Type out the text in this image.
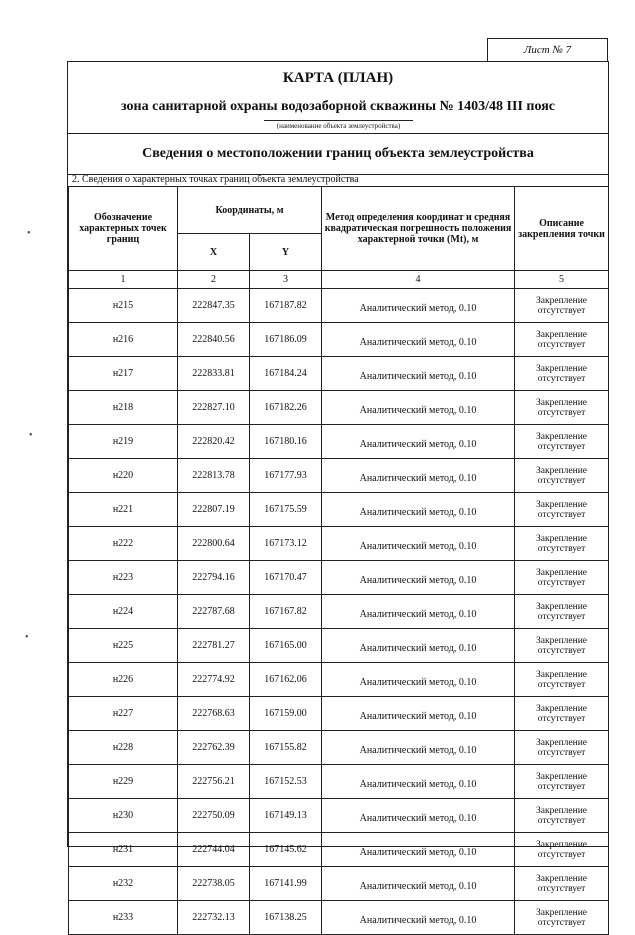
Лист № 7
•
•
•
КАРТА (ПЛАН)
зона санитарной охраны водозаборной скважины № 1403/48 III пояс
(наименование объекта землеустройства)
Сведения о местоположении границ объекта землеустройства
2. Сведения о характерных точках границ объекта землеустройства
Обозначение характерных точек границ	Координаты, м		Метод определения координат и средняя квадратическая погрешность положения характерной точки (Mt), м	Описание закрепления точки
	X	Y		
1	2	3	4	5
н215	222847.35	167187.82	Аналитический метод, 0.10	Закрепление отсутствует
н216	222840.56	167186.09	Аналитический метод, 0.10	Закрепление отсутствует
н217	222833.81	167184.24	Аналитический метод, 0.10	Закрепление отсутствует
н218	222827.10	167182.26	Аналитический метод, 0.10	Закрепление отсутствует
н219	222820.42	167180.16	Аналитический метод, 0.10	Закрепление отсутствует
н220	222813.78	167177.93	Аналитический метод, 0.10	Закрепление отсутствует
н221	222807.19	167175.59	Аналитический метод, 0.10	Закрепление отсутствует
н222	222800.64	167173.12	Аналитический метод, 0.10	Закрепление отсутствует
н223	222794.16	167170.47	Аналитический метод, 0.10	Закрепление отсутствует
н224	222787.68	167167.82	Аналитический метод, 0.10	Закрепление отсутствует
н225	222781.27	167165.00	Аналитический метод, 0.10	Закрепление отсутствует
н226	222774.92	167162.06	Аналитический метод, 0.10	Закрепление отсутствует
н227	222768.63	167159.00	Аналитический метод, 0.10	Закрепление отсутствует
н228	222762.39	167155.82	Аналитический метод, 0.10	Закрепление отсутствует
н229	222756.21	167152.53	Аналитический метод, 0.10	Закрепление отсутствует
н230	222750.09	167149.13	Аналитический метод, 0.10	Закрепление отсутствует
н231	222744.04	167145.62	Аналитический метод, 0.10	Закрепление отсутствует
н232	222738.05	167141.99	Аналитический метод, 0.10	Закрепление отсутствует
н233	222732.13	167138.25	Аналитический метод, 0.10	Закрепление отсутствует
